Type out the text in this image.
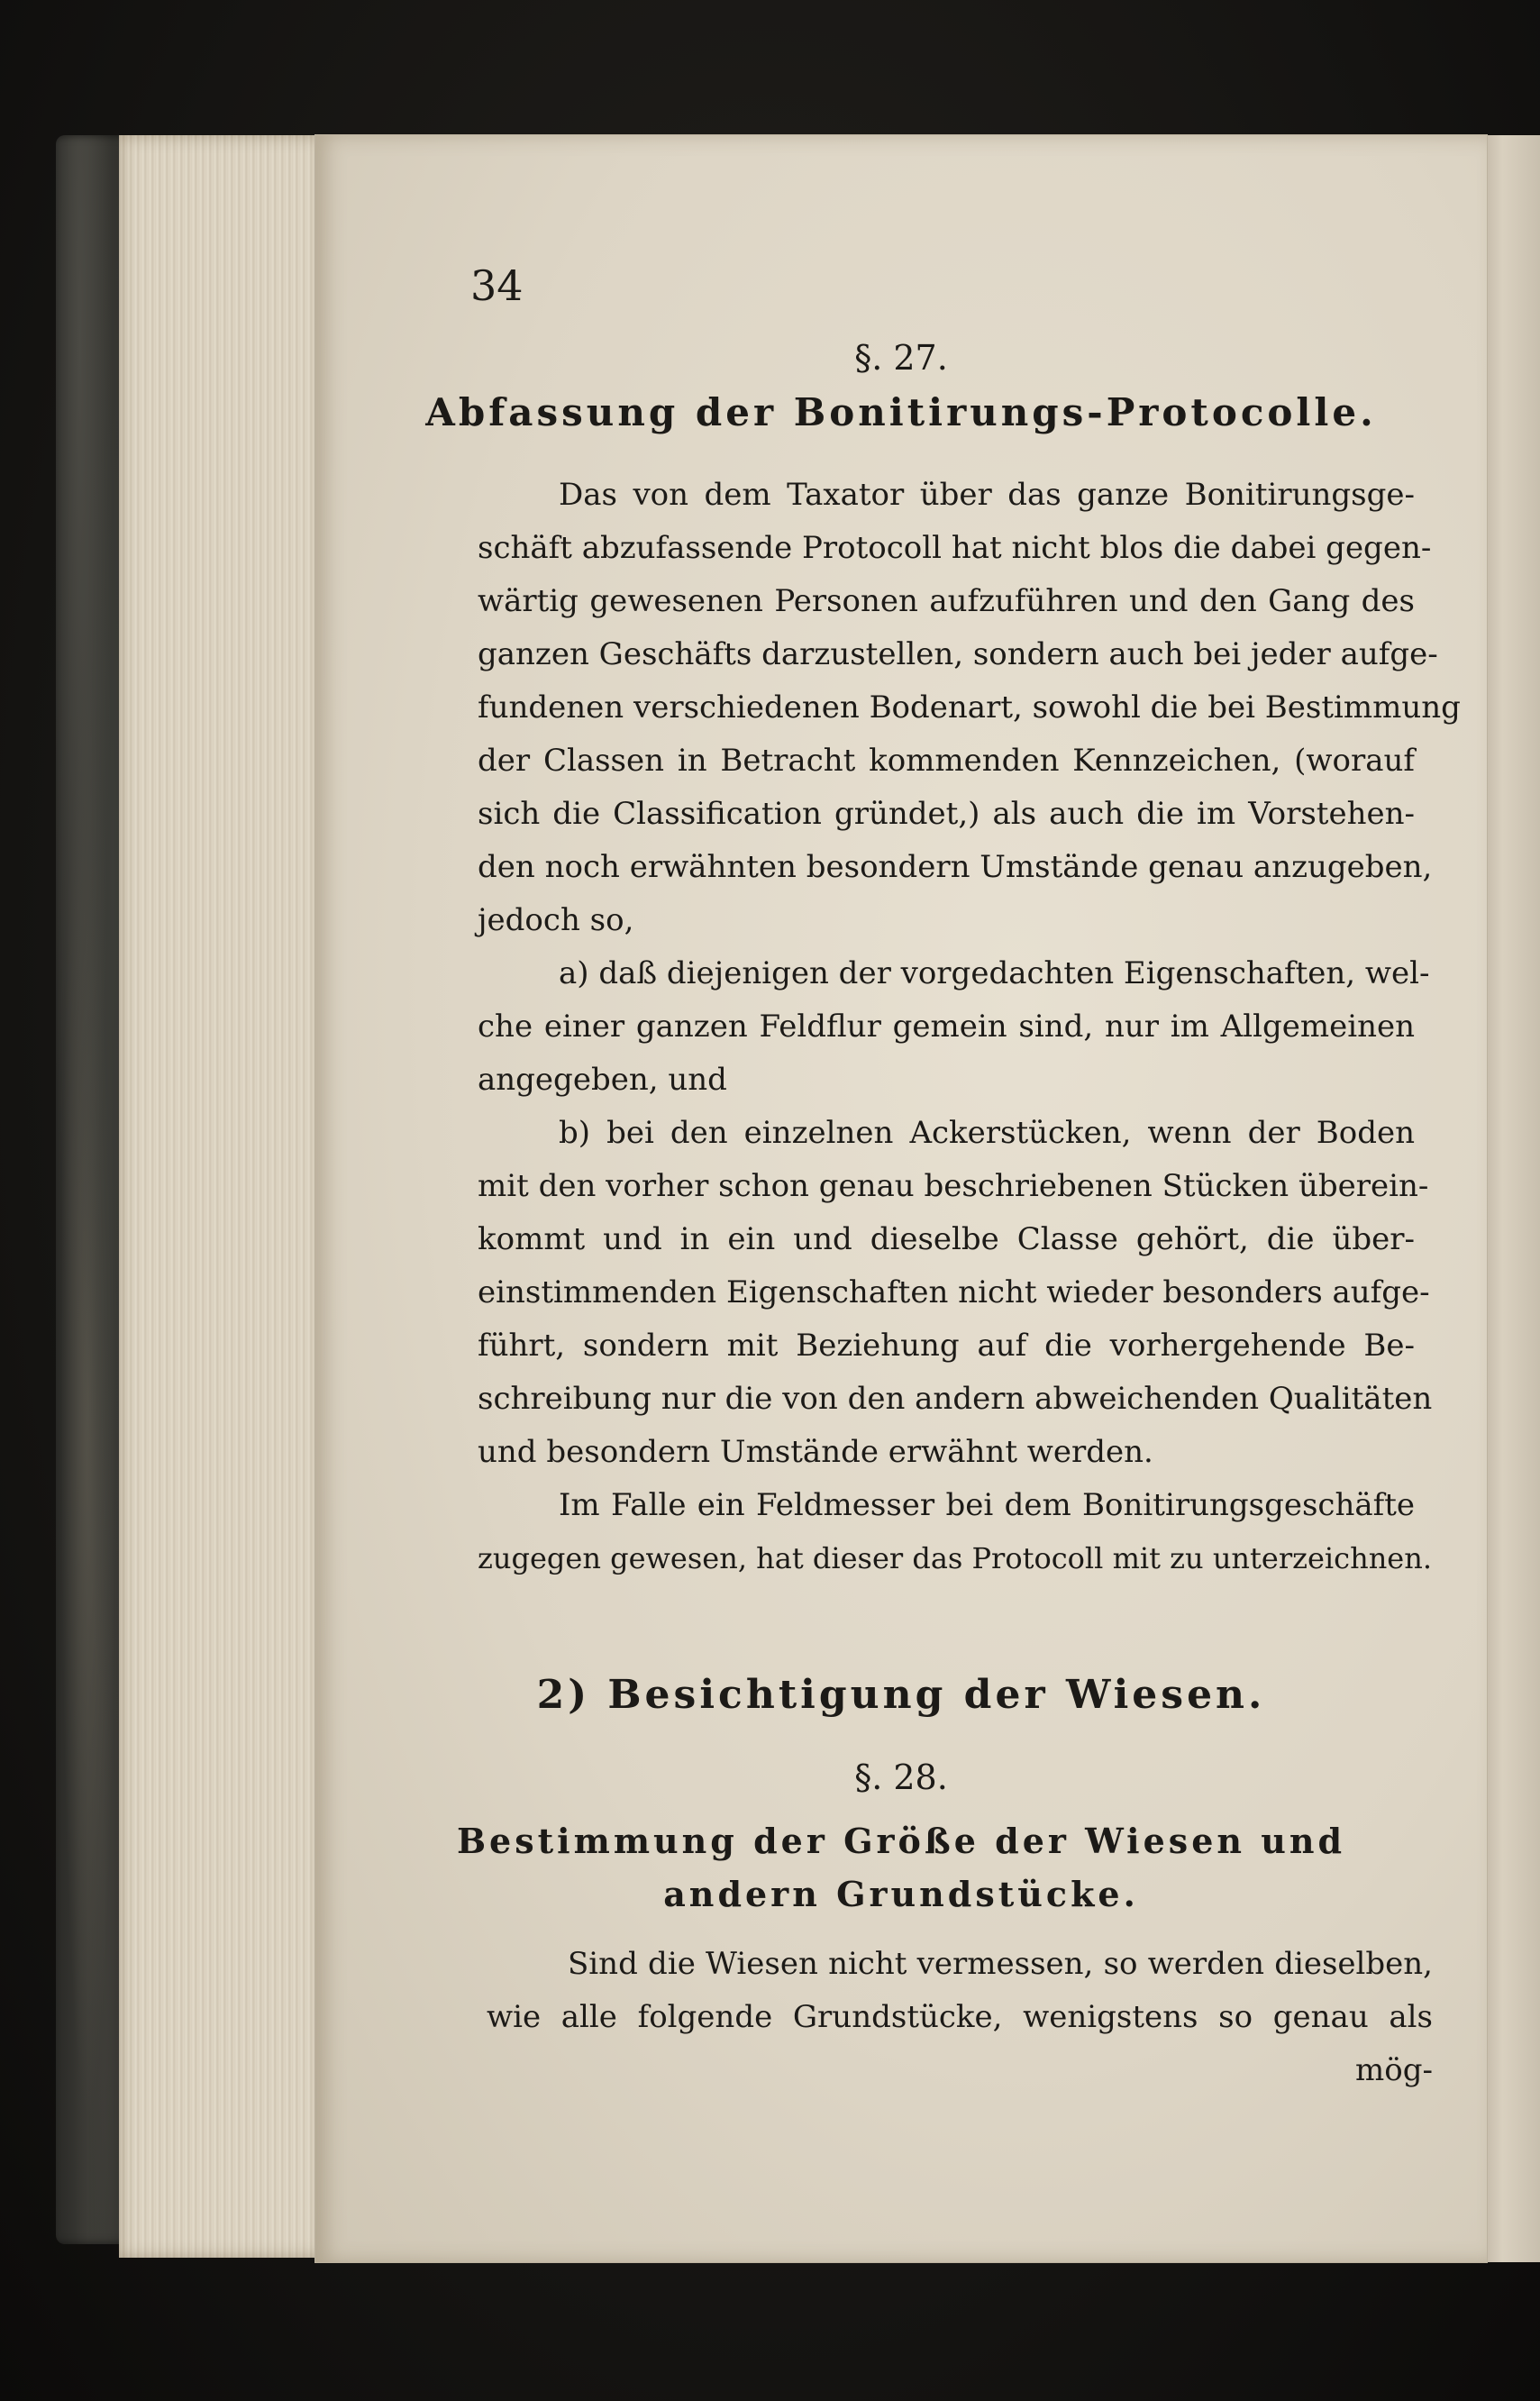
34

§. 27.

Abfassung der Bonitirungs-Protocolle.

Das von dem Taxator über das ganze Bonitirungsge-
schäft abzufassende Protocoll hat nicht blos die dabei gegen-
wärtig gewesenen Personen aufzuführen und den Gang des
ganzen Geschäfts darzustellen, sondern auch bei jeder aufge-
fundenen verschiedenen Bodenart, sowohl die bei Bestimmung
der Classen in Betracht kommenden Kennzeichen, (worauf
sich die Classification gründet,) als auch die im Vorstehen-
den noch erwähnten besondern Umstände genau anzugeben,
jedoch so,

a) daß diejenigen der vorgedachten Eigenschaften, wel-
che einer ganzen Feldflur gemein sind, nur im Allgemeinen
angegeben, und

b) bei den einzelnen Ackerstücken, wenn der Boden
mit den vorher schon genau beschriebenen Stücken überein-
kommt und in ein und dieselbe Classe gehört, die über-
einstimmenden Eigenschaften nicht wieder besonders aufge-
führt, sondern mit Beziehung auf die vorhergehende Be-
schreibung nur die von den andern abweichenden Qualitäten
und besondern Umstände erwähnt werden.

Im Falle ein Feldmesser bei dem Bonitirungsgeschäfte
zugegen gewesen, hat dieser das Protocoll mit zu unterzeichnen.

2) Besichtigung der Wiesen.

§. 28.

Bestimmung der Größe der Wiesen und

andern Grundstücke.

Sind die Wiesen nicht vermessen, so werden dieselben,
wie alle folgende Grundstücke, wenigstens so genau als
mög-
